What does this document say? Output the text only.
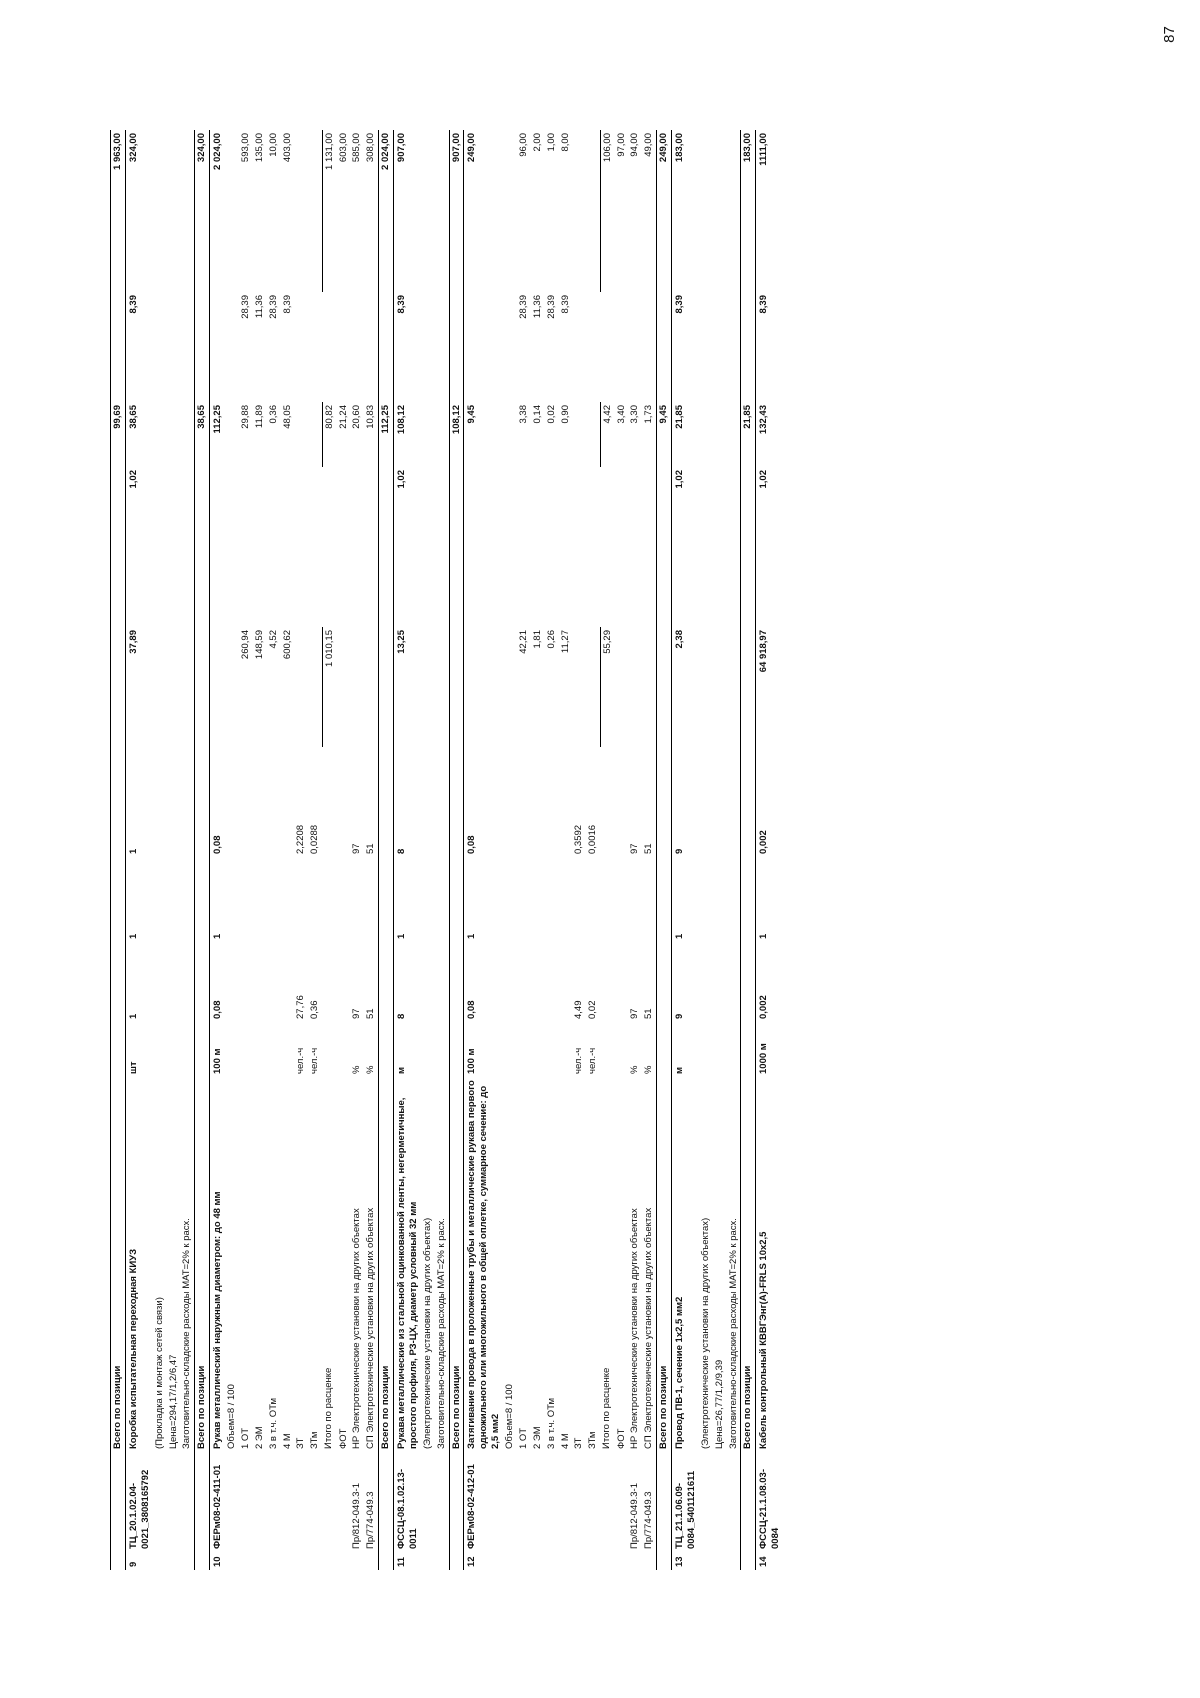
87
		Всего по позиции							99,69		1 963,00
9	ТЦ_20.1.02.04-0021_3808165792	Коробка испытательная переходная КИУЗ	шт	1	1	1	37,89	1,02	38,65	8,39	324,00
		(Прокладка и монтаж сетей связи)									
		Цена=294,17/1,2/6,47									
		Заготовительно-складские расходы МАТ=2% к расх.									
		Всего по позиции							38,65		324,00
10	ФЕРм08-02-411-01	Рукав металлический наружным диаметром: до 48 мм	100 м	0,08	1	0,08			112,25		2 024,00
		Объем=8 / 100									
		1 ОТ					260,94		29,88	28,39	593,00
		2 ЭМ					148,59		11,89	11,36	135,00
		3 в т.ч. ОТм					4,52		0,36	28,39	10,00
		4 М					600,62		48,05	8,39	403,00
		ЗТ	чел.-ч	27,76		2,2208					
		ЗТм	чел.-ч	0,36		0,0288					
		Итого по расценке					1 010,15		80,82		1 131,00
		ФОТ							21,24		603,00
	Пр/812-049.3-1	НР Электротехнические установки на других объектах	%	97		97			20,60		585,00
	Пр/774-049.3	СП Электротехнические установки на других объектах	%	51		51			10,83		308,00
		Всего по позиции							112,25		2 024,00
11	ФССЦ-08.1.02.13-0011	Рукава металлические из стальной оцинкованной ленты, негерметичные, простого профиля, РЗ-ЦХ, диаметр условный 32 мм	м	8	1	8	13,25	1,02	108,12	8,39	907,00
		(Электротехнические установки на других объектах)									
		Заготовительно-складские расходы МАТ=2% к расх.									
		Всего по позиции							108,12		907,00
12	ФЕРм08-02-412-01	Затягивание провода в проложенные трубы и металлические рукава первого одножильного или многожильного в общей оплетке, суммарное сечение: до 2,5 мм2	100 м	0,08	1	0,08			9,45		249,00
		Объем=8 / 100									
		1 ОТ					42,21		3,38	28,39	96,00
		2 ЭМ					1,81		0,14	11,36	2,00
		3 в т.ч. ОТм					0,26		0,02	28,39	1,00
		4 М					11,27		0,90	8,39	8,00
		ЗТ	чел.-ч	4,49		0,3592					
		ЗТм	чел.-ч	0,02		0,0016					
		Итого по расценке					55,29		4,42		106,00
		ФОТ							3,40		97,00
	Пр/812-049.3-1	НР Электротехнические установки на других объектах	%	97		97			3,30		94,00
	Пр/774-049.3	СП Электротехнические установки на других объектах	%	51		51			1,73		49,00
		Всего по позиции							9,45		249,00
13	ТЦ_21.1.06.09-0084_5401121611	Провод ПВ-1, сечение 1х2,5 мм2	м	9	1	9	2,38	1,02	21,85	8,39	183,00
		(Электротехнические установки на других объектах)									
		Цена=26,77/1,2/9,39									
		Заготовительно-складские расходы МАТ=2% к расх.									
		Всего по позиции							21,85		183,00
14	ФССЦ-21.1.08.03-0084	Кабель контрольный КВВГЭнг(А)-FRLS 10х2,5	1000 м	0,002	1	0,002	64 918,97	1,02	132,43	8,39	1111,00
